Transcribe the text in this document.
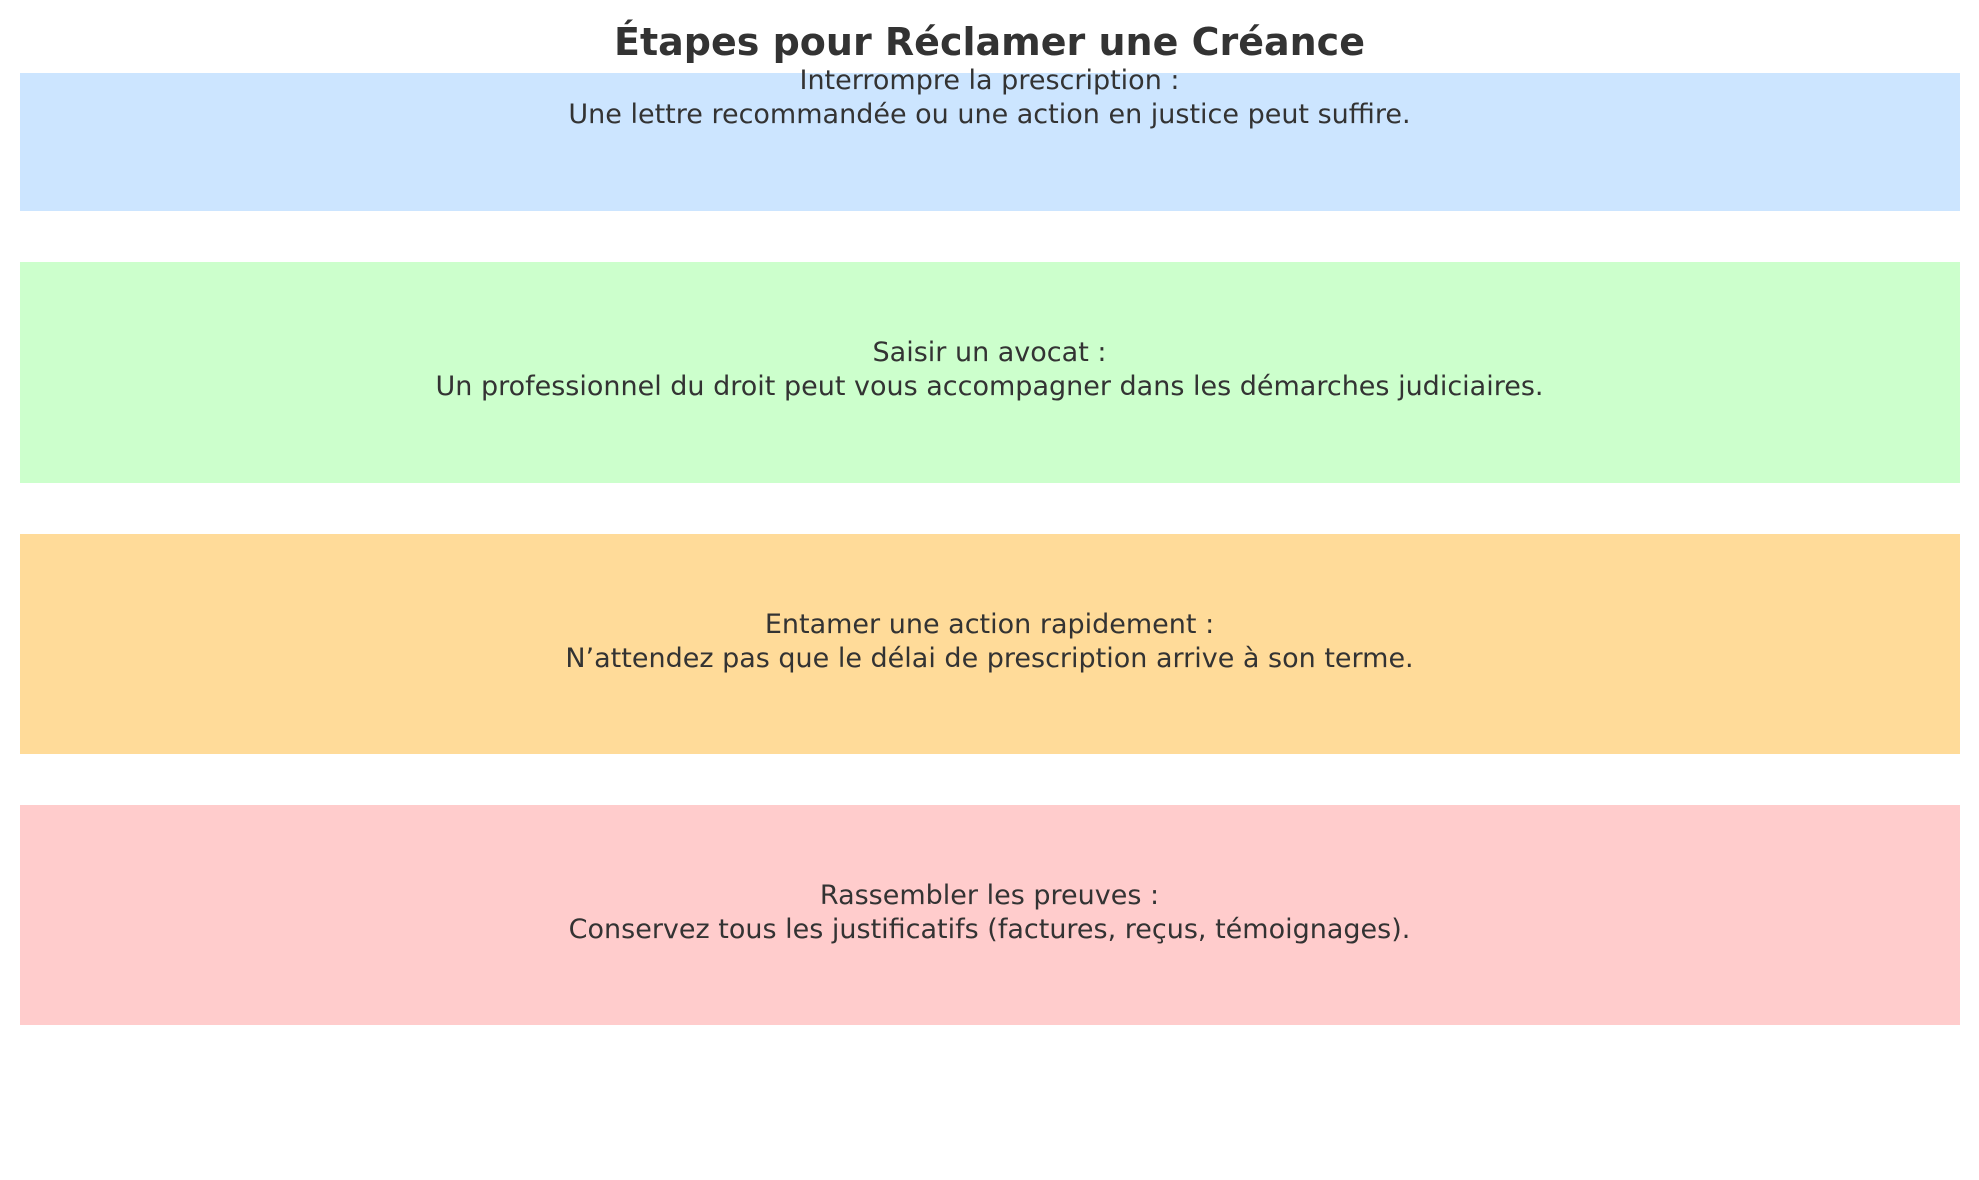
Étapes pour Réclamer une Créance
Interrompre la prescription :
Une lettre recommandée ou une action en justice peut suffire.
Saisir un avocat :
Un professionnel du droit peut vous accompagner dans les démarches judiciaires.
Entamer une action rapidement :
N’attendez pas que le délai de prescription arrive à son terme.
Rassembler les preuves :
Conservez tous les justificatifs (factures, reçus, témoignages).
